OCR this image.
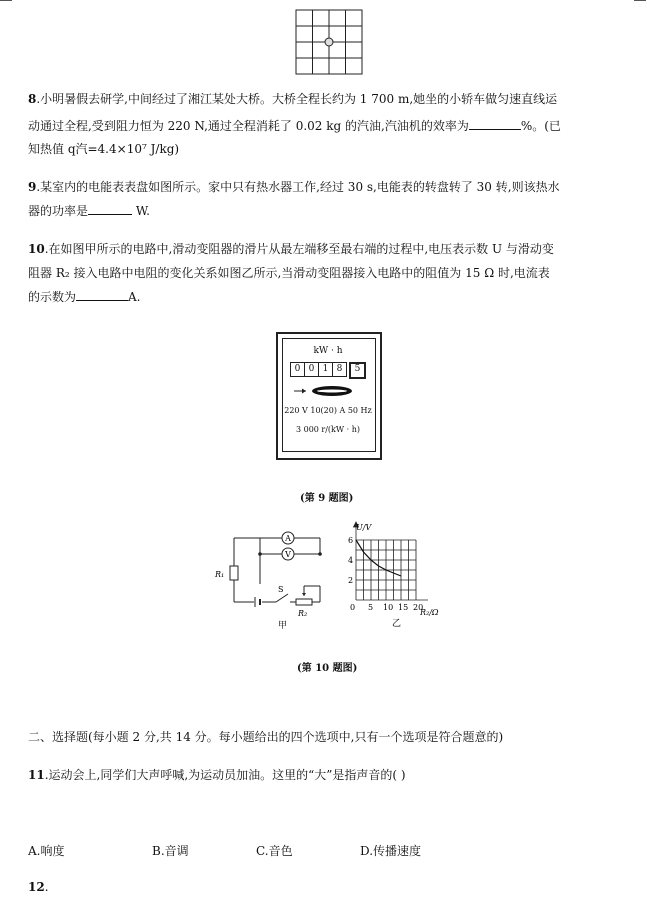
8.小明暑假去研学,中间经过了湘江某处大桥。大桥全程长约为 1 700 m,她坐的小轿车做匀速直线运
动通过全程,受到阻力恒为 220 N,通过全程消耗了 0.02 kg 的汽油,汽油机的效率为	%。(已
知热值 q汽=4.4×10⁷ J/kg)
9.某室内的电能表表盘如图所示。家中只有热水器工作,经过 30 s,电能表的转盘转了 30 转,则该热水
器的功率是	W.
10.在如图甲所示的电路中,滑动变阻器的滑片从最左端移至最右端的过程中,电压表示数 U 与滑动变
阻器 R₂ 接入电路中电阻的变化关系如图乙所示,当滑动变阻器接入电路中的阻值为 15 Ω 时,电流表
的示数为	A.
kW · h
0 0 1 8	5
220 V 10(20) A 50 Hz
3 000 r/(kW · h)
(第 9 题图)
A
V
R₁
S
R₂
甲
6
4
2
0 5 10 15 20
U/V
R₂/Ω
乙
(第 10 题图)
二、选择题(每小题 2 分,共 14 分。每小题给出的四个选项中,只有一个选项是符合题意的)
11.运动会上,同学们大声呼喊,为运动员加油。这里的“大”是指声音的( )
A.响度	B.音调	C.音色	D.传播速度
12.
